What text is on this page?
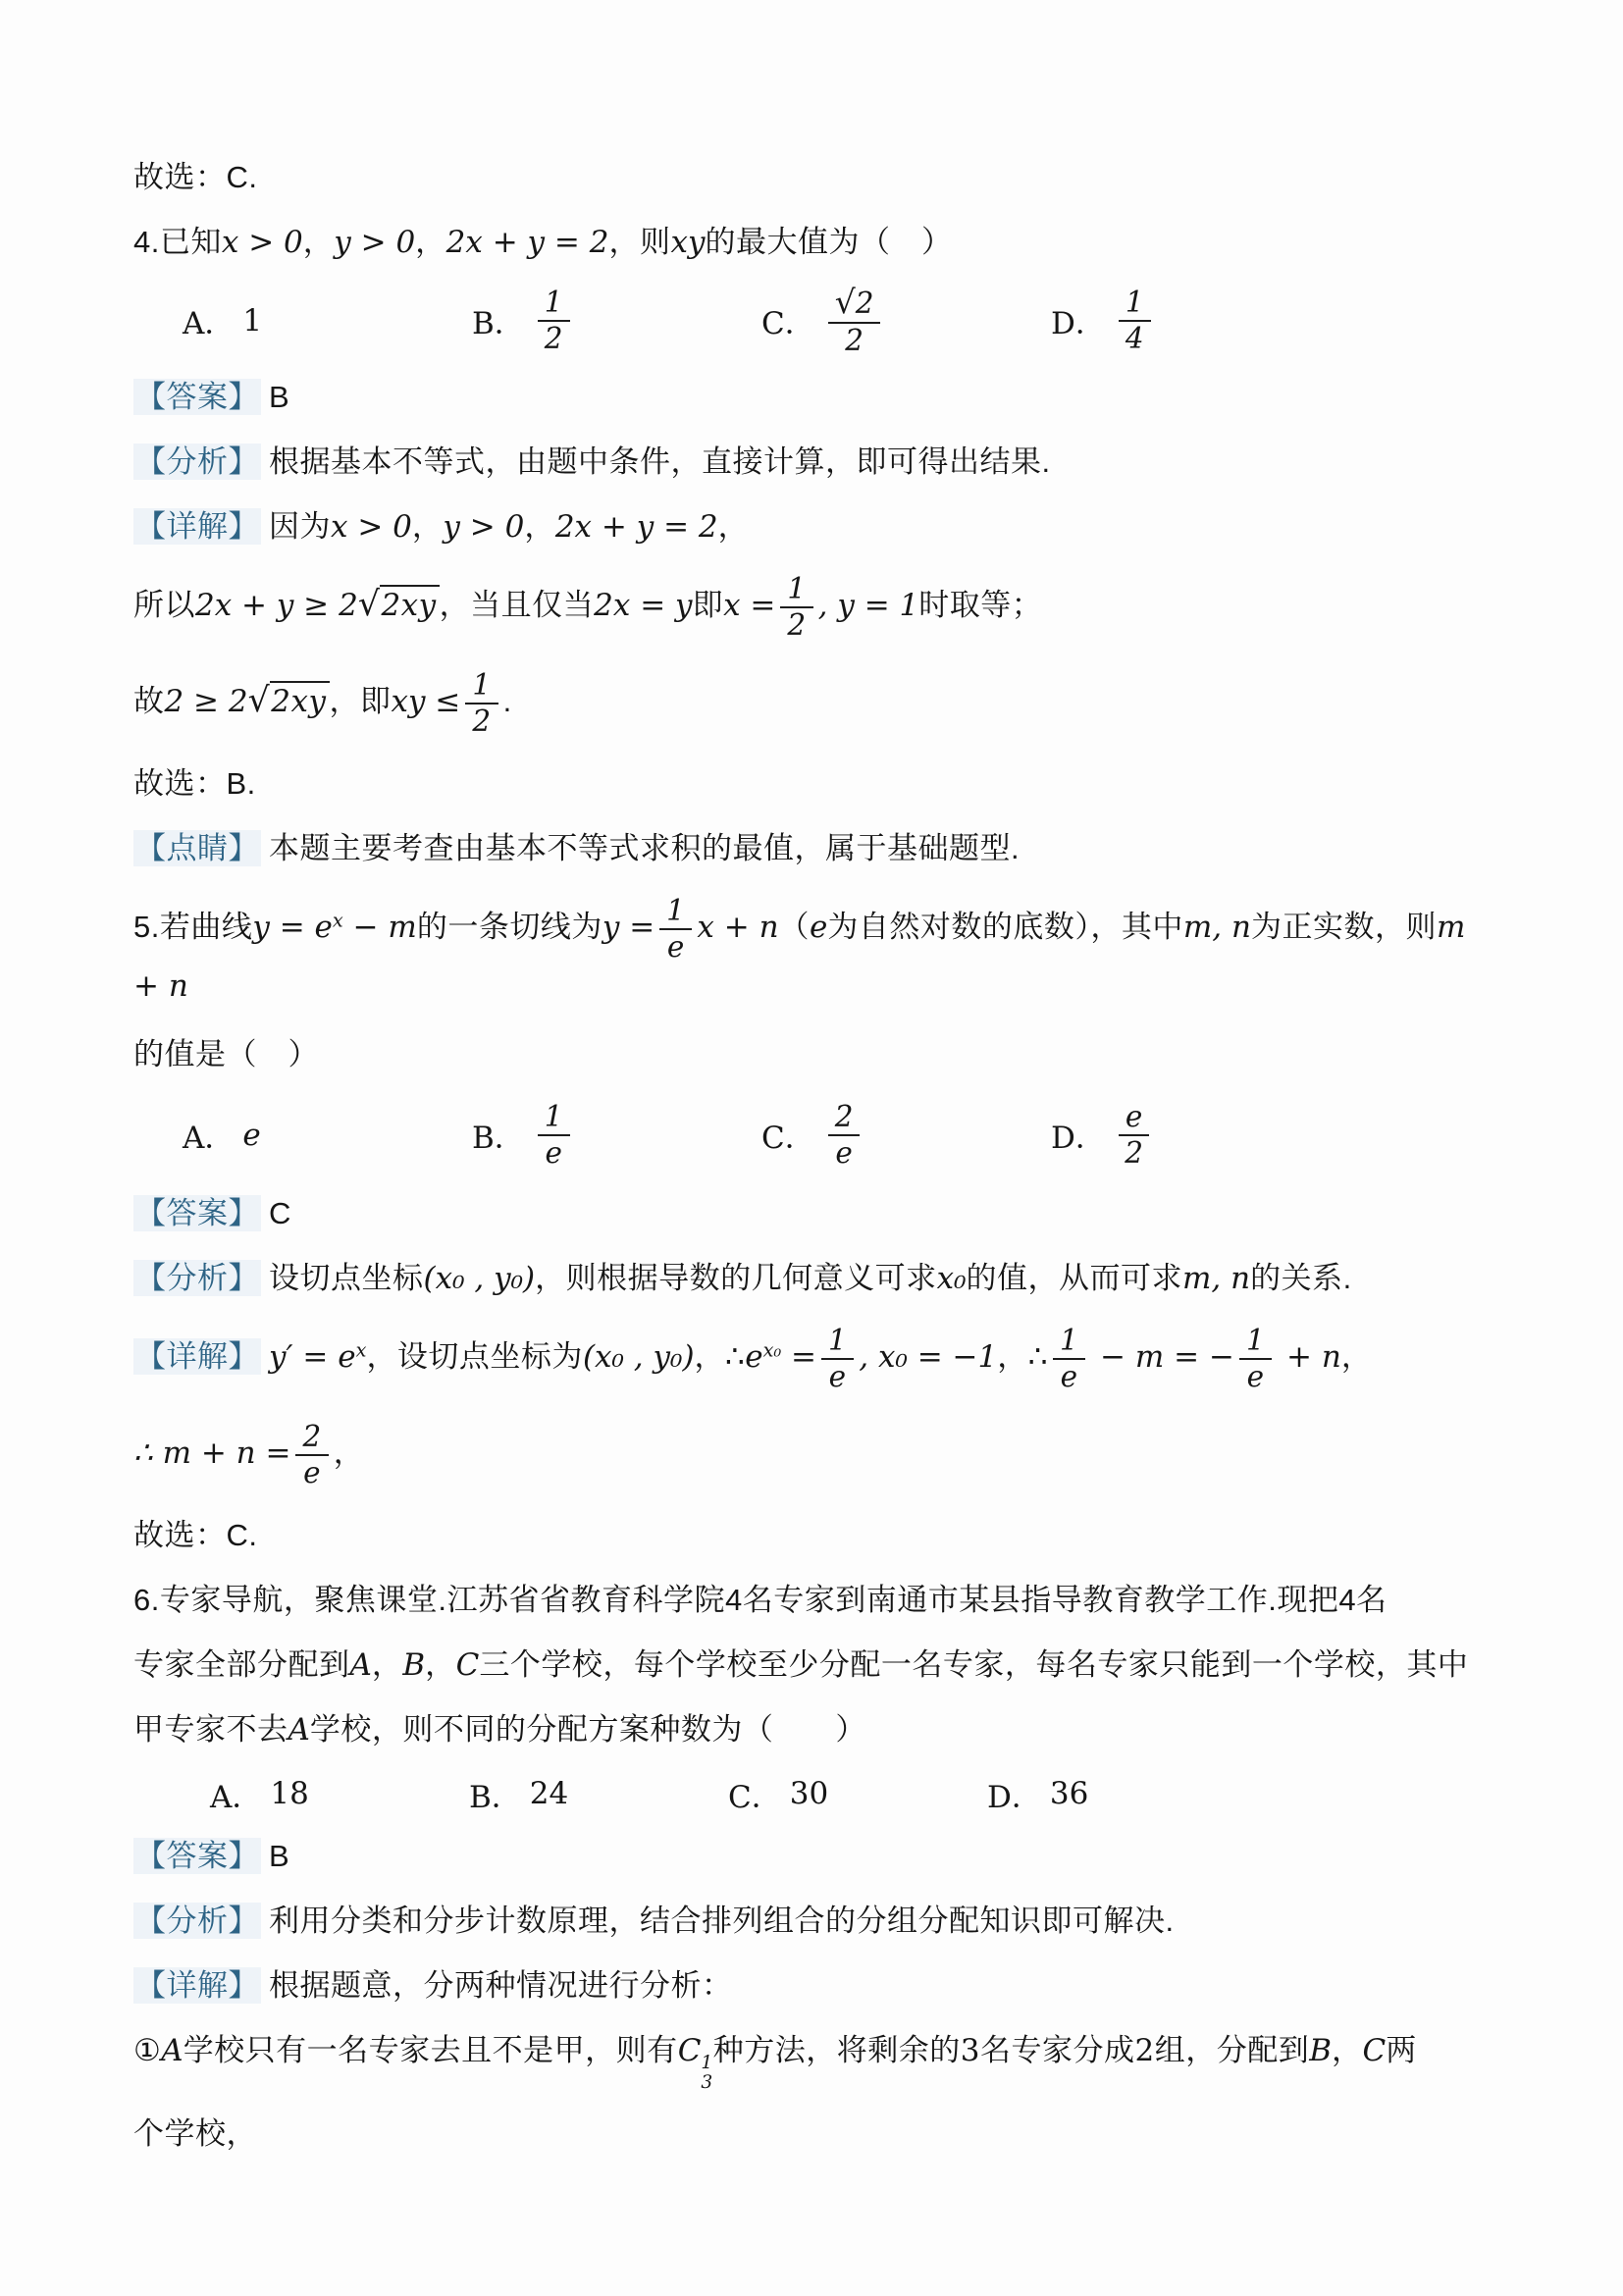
故选：C.

4.已知x > 0，y > 0，2x + y = 2，则xy的最大值为（　）

A． 1	B． $\frac{1}{2}$	C． $\frac{√2}{2}$	D． $\frac{1}{4}$

【答案】 B

【分析】 根据基本不等式，由题中条件，直接计算，即可得出结果.

【详解】 因为x > 0，y > 0，2x + y = 2，

所以2x + y ≥ 2√2xy，当且仅当2x = y即$x = \frac{1}{2}$ , y = 1时取等；

故2 ≥ 2√2xy，即xy ≤ $\frac{1}{2}$ .

故选：B.

【点睛】 本题主要考查由基本不等式求积的最值，属于基础题型.

5.若曲线$y = e^x - m$的一条切线为$y = \frac{1}{e}$ x + n（e为自然对数的底数），其中m, n为正实数，则m + n

的值是（　）

A． e	B． $\frac{1}{e}$	C． $\frac{2}{e}$	D． $\frac{e}{2}$

【答案】 C

【分析】 设切点坐标(x₀ , y₀)，则根据导数的几何意义可求x₀的值，从而可求m, n的关系.

【详解】 $y' = e^x$，设切点坐标为(x₀ , y₀)，$\therefore e^{x_0} = \frac{1}{e}$ , x₀ = −1，∴ $\frac{1}{e} - m$ = − $\frac{1}{e} + n$，

∴ $m + n = \frac{2}{e}$ ，

故选：C.

6.专家导航，聚焦课堂.江苏省省教育科学院4名专家到南通市某县指导教育教学工作.现把4名

专家全部分配到A，B，C三个学校，每个学校至少分配一名专家，每名专家只能到一个学校，其中

甲专家不去A学校，则不同的分配方案种数为（　　）

A． 18	B． 24	C． 30	D． 36

【答案】 B

【分析】 利用分类和分步计数原理，结合排列组合的分组分配知识即可解决.

【详解】 根据题意，分两种情况进行分析：

①A学校只有一名专家去且不是甲，则有C 1
3
种方法，将剩余的3名专家分成2组，分配到B，C两

个学校，
